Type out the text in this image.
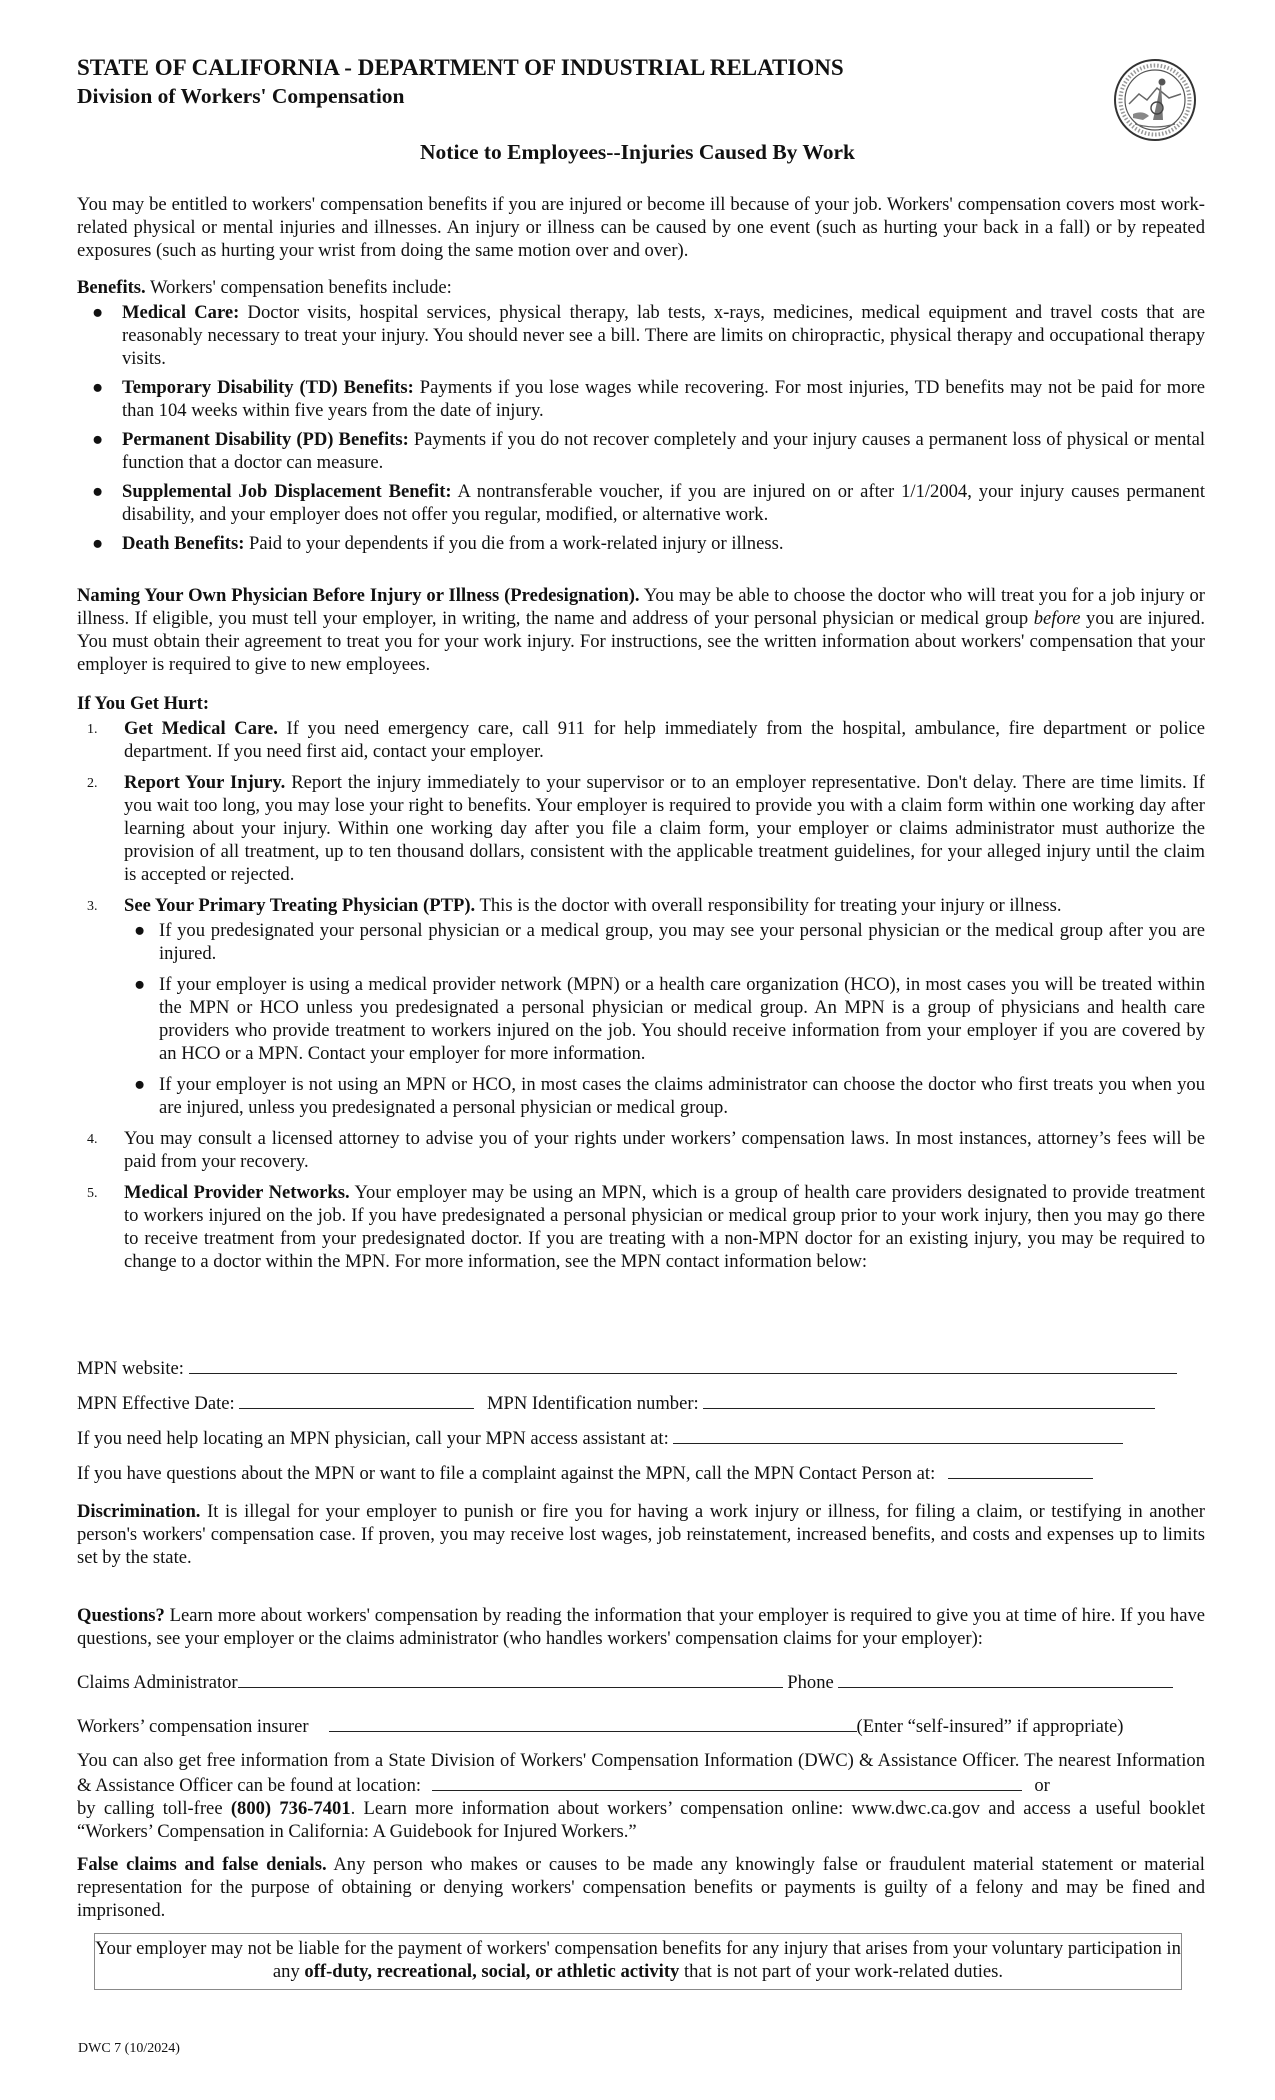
STATE OF CALIFORNIA - DEPARTMENT OF INDUSTRIAL RELATIONS
Division of Workers' Compensation
Notice to Employees--Injuries Caused By Work
You may be entitled to workers' compensation benefits if you are injured or become ill because of your job. Workers' compensation covers most work-related physical or mental injuries and illnesses. An injury or illness can be caused by one event (such as hurting your back in a fall) or by repeated exposures (such as hurting your wrist from doing the same motion over and over).
Benefits. Workers' compensation benefits include:
● Medical Care: Doctor visits, hospital services, physical therapy, lab tests, x-rays, medicines, medical equipment and travel costs that are reasonably necessary to treat your injury. You should never see a bill. There are limits on chiropractic, physical therapy and occupational therapy visits.
● Temporary Disability (TD) Benefits: Payments if you lose wages while recovering. For most injuries, TD benefits may not be paid for more than 104 weeks within five years from the date of injury.
● Permanent Disability (PD) Benefits: Payments if you do not recover completely and your injury causes a permanent loss of physical or mental function that a doctor can measure.
● Supplemental Job Displacement Benefit: A nontransferable voucher, if you are injured on or after 1/1/2004, your injury causes permanent disability, and your employer does not offer you regular, modified, or alternative work.
● Death Benefits: Paid to your dependents if you die from a work-related injury or illness.
Naming Your Own Physician Before Injury or Illness (Predesignation). You may be able to choose the doctor who will treat you for a job injury or illness. If eligible, you must tell your employer, in writing, the name and address of your personal physician or medical group before you are injured. You must obtain their agreement to treat you for your work injury. For instructions, see the written information about workers' compensation that your employer is required to give to new employees.
If You Get Hurt:
1. Get Medical Care. If you need emergency care, call 911 for help immediately from the hospital, ambulance, fire department or police department. If you need first aid, contact your employer.
2. Report Your Injury. Report the injury immediately to your supervisor or to an employer representative. Don't delay. There are time limits. If you wait too long, you may lose your right to benefits. Your employer is required to provide you with a claim form within one working day after learning about your injury. Within one working day after you file a claim form, your employer or claims administrator must authorize the provision of all treatment, up to ten thousand dollars, consistent with the applicable treatment guidelines, for your alleged injury until the claim is accepted or rejected.
3. See Your Primary Treating Physician (PTP). This is the doctor with overall responsibility for treating your injury or illness.
● If you predesignated your personal physician or a medical group, you may see your personal physician or the medical group after you are injured.
● If your employer is using a medical provider network (MPN) or a health care organization (HCO), in most cases you will be treated within the MPN or HCO unless you predesignated a personal physician or medical group. An MPN is a group of physicians and health care providers who provide treatment to workers injured on the job. You should receive information from your employer if you are covered by an HCO or a MPN. Contact your employer for more information.
● If your employer is not using an MPN or HCO, in most cases the claims administrator can choose the doctor who first treats you when you are injured, unless you predesignated a personal physician or medical group.
4. You may consult a licensed attorney to advise you of your rights under workers’ compensation laws. In most instances, attorney’s fees will be paid from your recovery.
5. Medical Provider Networks. Your employer may be using an MPN, which is a group of health care providers designated to provide treatment to workers injured on the job. If you have predesignated a personal physician or medical group prior to your work injury, then you may go there to receive treatment from your predesignated doctor. If you are treating with a non-MPN doctor for an existing injury, you may be required to change to a doctor within the MPN. For more information, see the MPN contact information below:
MPN website:
MPN Effective Date:	MPN Identification number:
If you need help locating an MPN physician, call your MPN access assistant at:
If you have questions about the MPN or want to file a complaint against the MPN, call the MPN Contact Person at:
Discrimination. It is illegal for your employer to punish or fire you for having a work injury or illness, for filing a claim, or testifying in another person's workers' compensation case. If proven, you may receive lost wages, job reinstatement, increased benefits, and costs and expenses up to limits set by the state.
Questions? Learn more about workers' compensation by reading the information that your employer is required to give you at time of hire. If you have questions, see your employer or the claims administrator (who handles workers' compensation claims for your employer):
Claims Administrator	Phone
Workers’ compensation insurer	(Enter “self-insured” if appropriate)
You can also get free information from a State Division of Workers' Compensation Information (DWC) & Assistance Officer. The nearest Information & Assistance Officer can be found at location:	or
by calling toll-free (800) 736-7401. Learn more information about workers’ compensation online: www.dwc.ca.gov and access a useful booklet “Workers’ Compensation in California: A Guidebook for Injured Workers.”
False claims and false denials. Any person who makes or causes to be made any knowingly false or fraudulent material statement or material representation for the purpose of obtaining or denying workers' compensation benefits or payments is guilty of a felony and may be fined and imprisoned.
Your employer may not be liable for the payment of workers' compensation benefits for any injury that arises from your voluntary participation in any off-duty, recreational, social, or athletic activity that is not part of your work-related duties.
DWC 7 (10/2024)
